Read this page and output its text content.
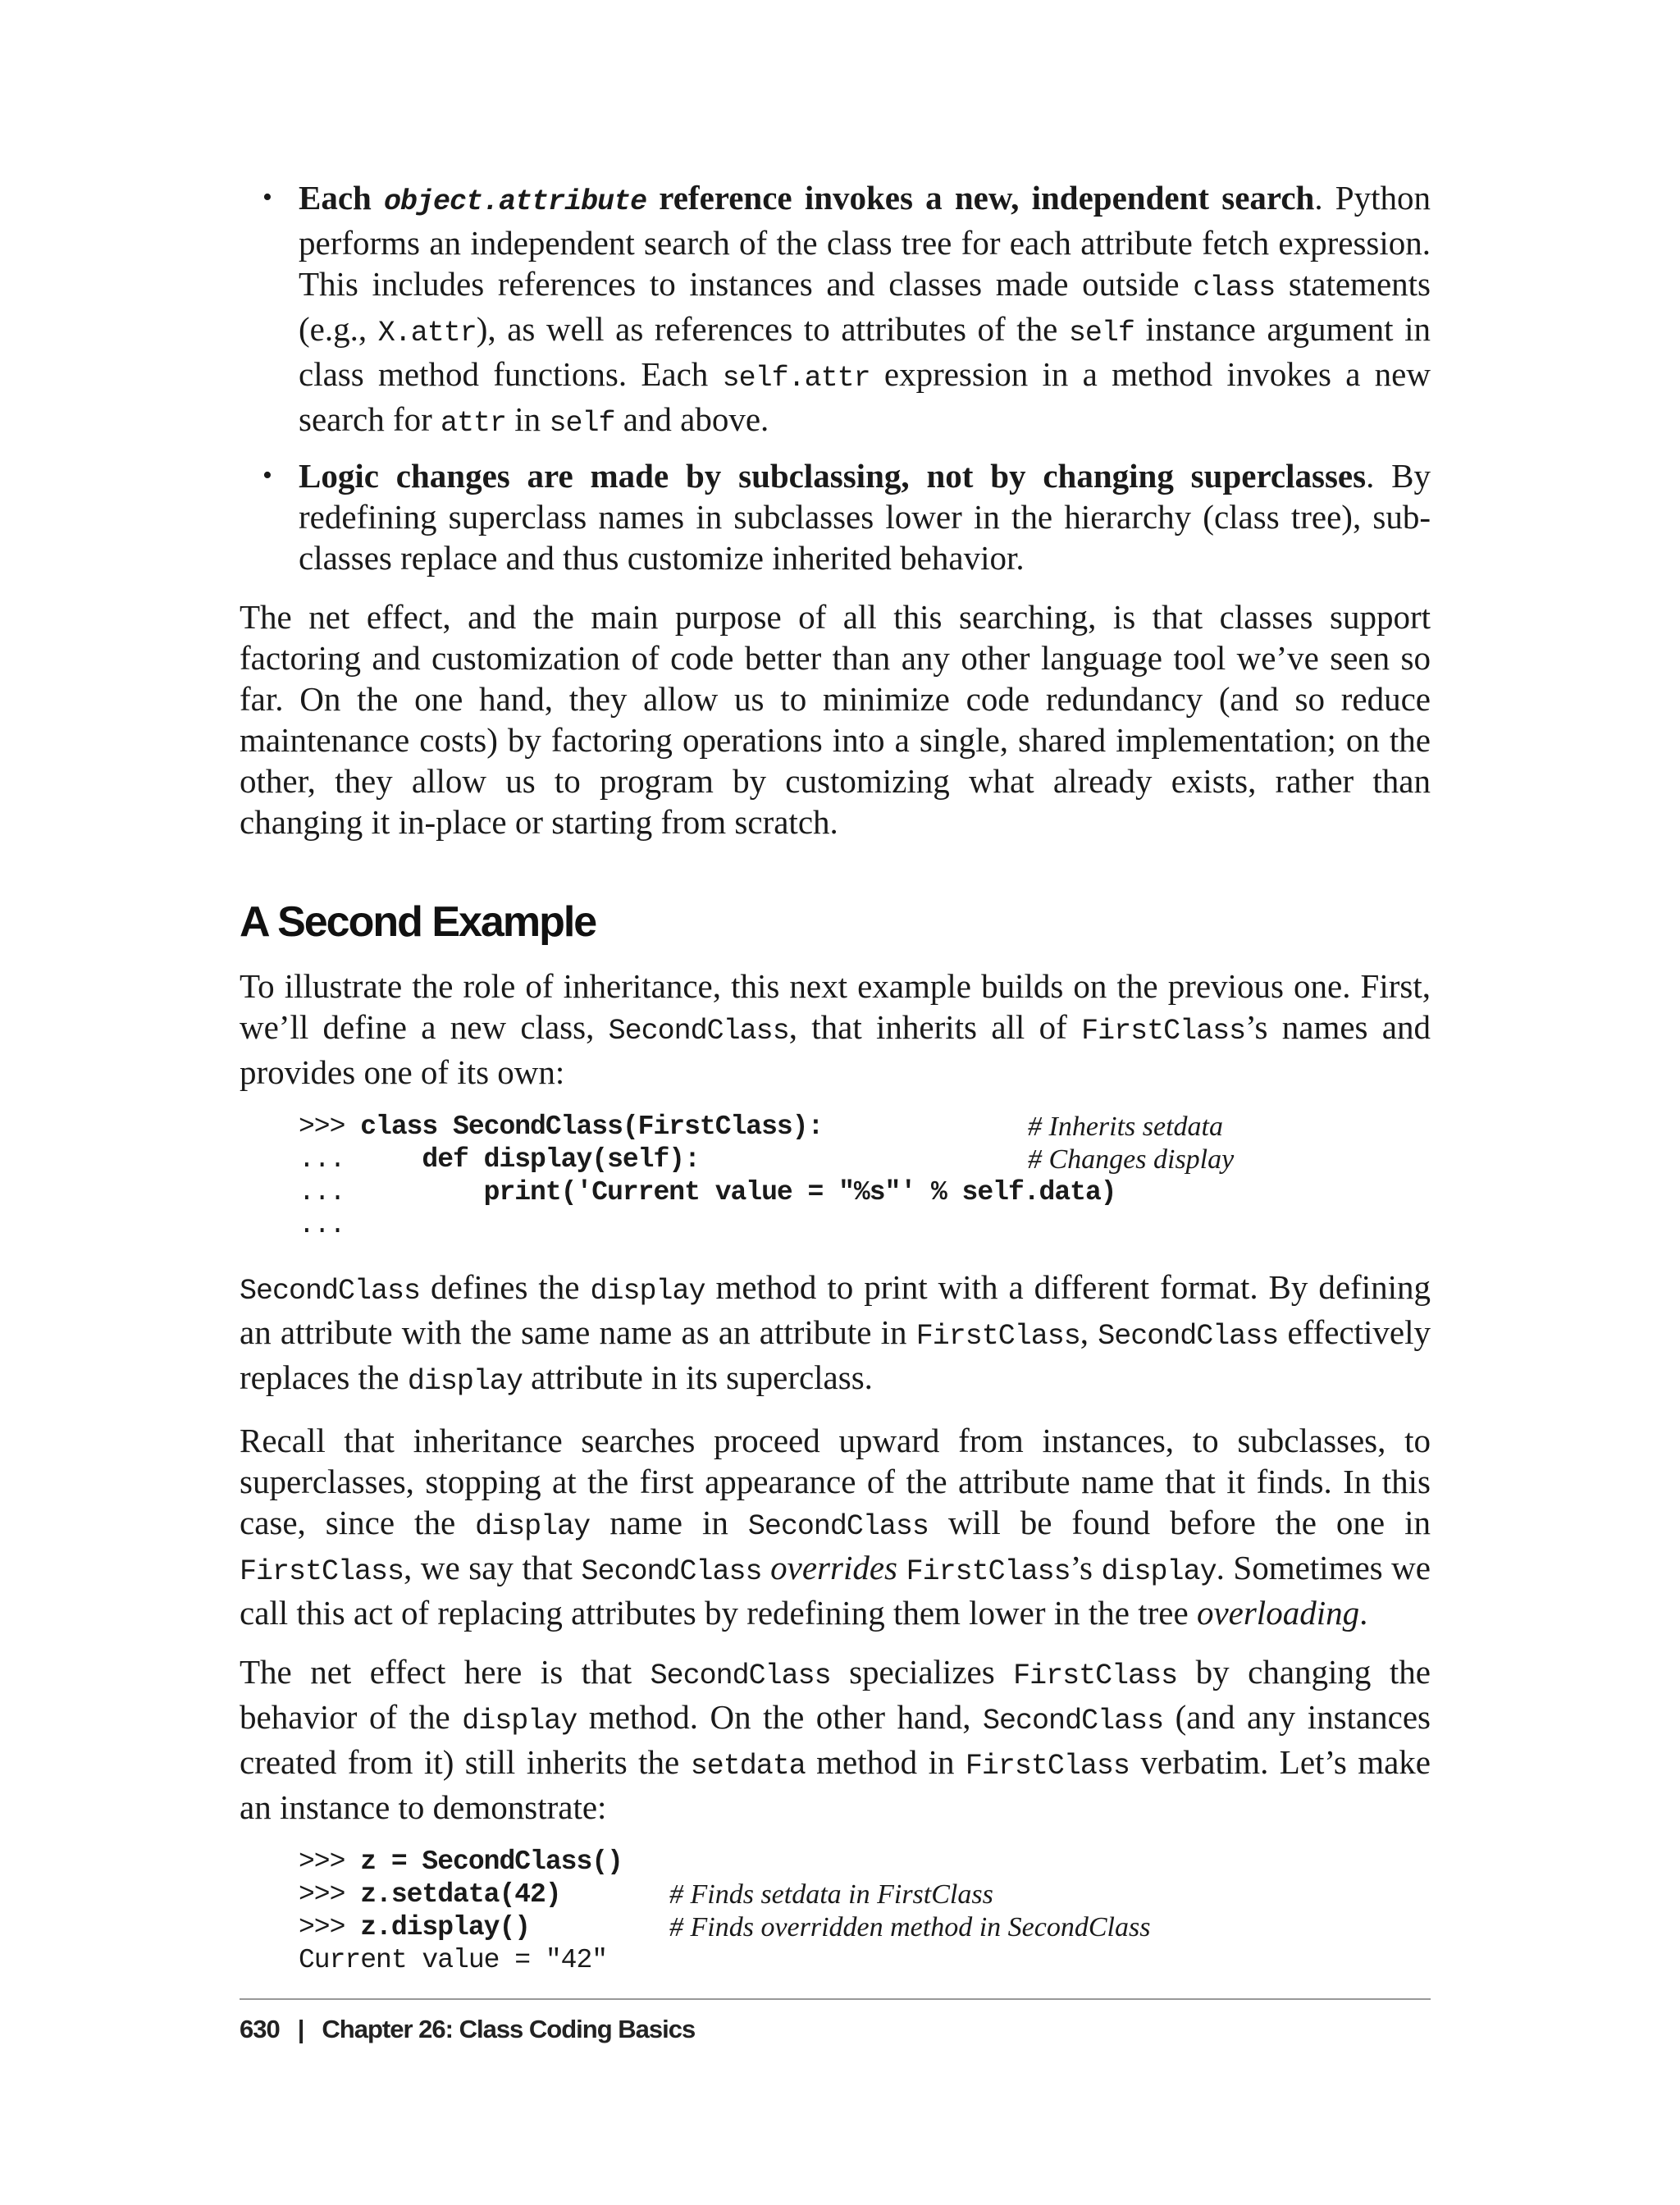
• Each object.attribute reference invokes a new, independent search. Python performs an independent search of the class tree for each attribute fetch expression. This includes references to instances and classes made outside class statements (e.g., X.attr), as well as references to attributes of the self instance argument in class method functions. Each self.attr expression in a method invokes a new search for attr in self and above.
• Logic changes are made by subclassing, not by changing superclasses. By redefining superclass names in subclasses lower in the hierarchy (class tree), sub-classes replace and thus customize inherited behavior.

The net effect, and the main purpose of all this searching, is that classes support factoring and customization of code better than any other language tool we’ve seen so far. On the one hand, they allow us to minimize code redundancy (and so reduce maintenance costs) by factoring operations into a single, shared implementation; on the other, they allow us to program by customizing what already exists, rather than changing it in-place or starting from scratch.

A Second Example

To illustrate the role of inheritance, this next example builds on the previous one. First, we’ll define a new class, SecondClass, that inherits all of FirstClass’s names and provides one of its own:

>>> class SecondClass(FirstClass):	# Inherits setdata
...     def display(self):	# Changes display
...         print('Current value = "%s"' % self.data)
...

SecondClass defines the display method to print with a different format. By defining an attribute with the same name as an attribute in FirstClass, SecondClass effectively replaces the display attribute in its superclass.

Recall that inheritance searches proceed upward from instances, to subclasses, to superclasses, stopping at the first appearance of the attribute name that it finds. In this case, since the display name in SecondClass will be found before the one in FirstClass, we say that SecondClass overrides FirstClass’s display. Sometimes we call this act of replacing attributes by redefining them lower in the tree overloading.

The net effect here is that SecondClass specializes FirstClass by changing the behavior of the display method. On the other hand, SecondClass (and any instances created from it) still inherits the setdata method in FirstClass verbatim. Let’s make an instance to demonstrate:

>>> z = SecondClass()
>>> z.setdata(42)	# Finds setdata in FirstClass
>>> z.display()	# Finds overridden method in SecondClass
Current value = "42"
630 | Chapter 26: Class Coding Basics
